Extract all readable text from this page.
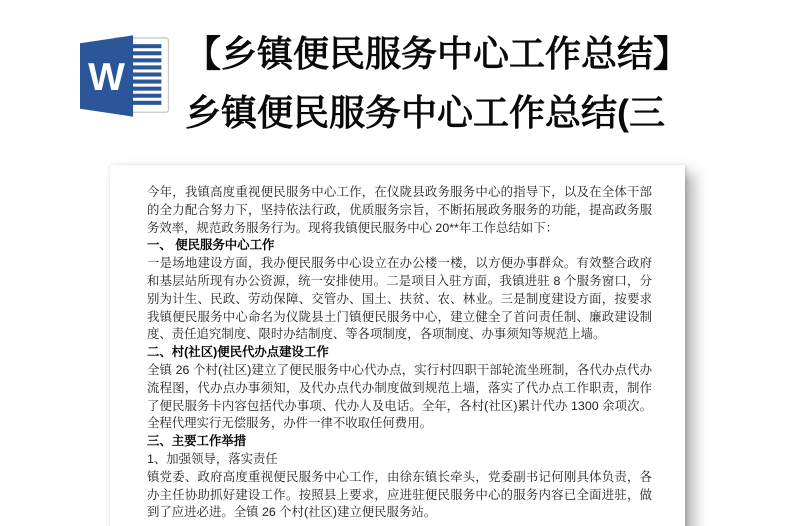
W
【乡镇便民服务中心工作总结】
乡镇便民服务中心工作总结(三

今年，我镇高度重视便民服务中心工作，在仪陇县政务服务中心的指导下，以及在全体干部的全力配合努力下，坚持依法行政，优质服务宗旨，不断拓展政务服务的功能，提高政务服务效率，规范政务服务行为。现将我镇便民服务中心 20**年工作总结如下：

一、 便民服务中心工作

一是场地建设方面，我办便民服务中心设立在办公楼一楼，以方便办事群众。有效整合政府和基层站所现有办公资源，统一安排使用。二是项目入驻方面，我镇进驻 8 个服务窗口，分别为计生、民政、劳动保障、交管办、国土、扶贫、农、林业。三是制度建设方面，按要求我镇便民服务中心命名为仪陇县土门镇便民服务中心，建立健全了首问责任制、廉政建设制度、责任追究制度、限时办结制度、等各项制度，各项制度、办事须知等规范上墙。

二、村(社区)便民代办点建设工作

全镇 26 个村(社区)建立了便民服务中心代办点，实行村四职干部轮流坐班制，各代办点代办流程图，代办点办事须知，及代办点代办制度做到规范上墙，落实了代办点工作职责，制作了便民服务卡内容包括代办事项、代办人及电话。全年，各村(社区)累计代办 1300 余项次。全程代理实行无偿服务，办件一律不收取任何费用。

三、主要工作举措

1、加强领导，落实责任

镇党委、政府高度重视便民服务中心工作，由徐东镇长牵头，党委副书记何刚具体负责，各办主任协助抓好建设工作。按照县上要求，应进驻便民服务中心的服务内容已全面进驻，做到了应进必进。全镇 26 个村(社区)建立便民服务站。
